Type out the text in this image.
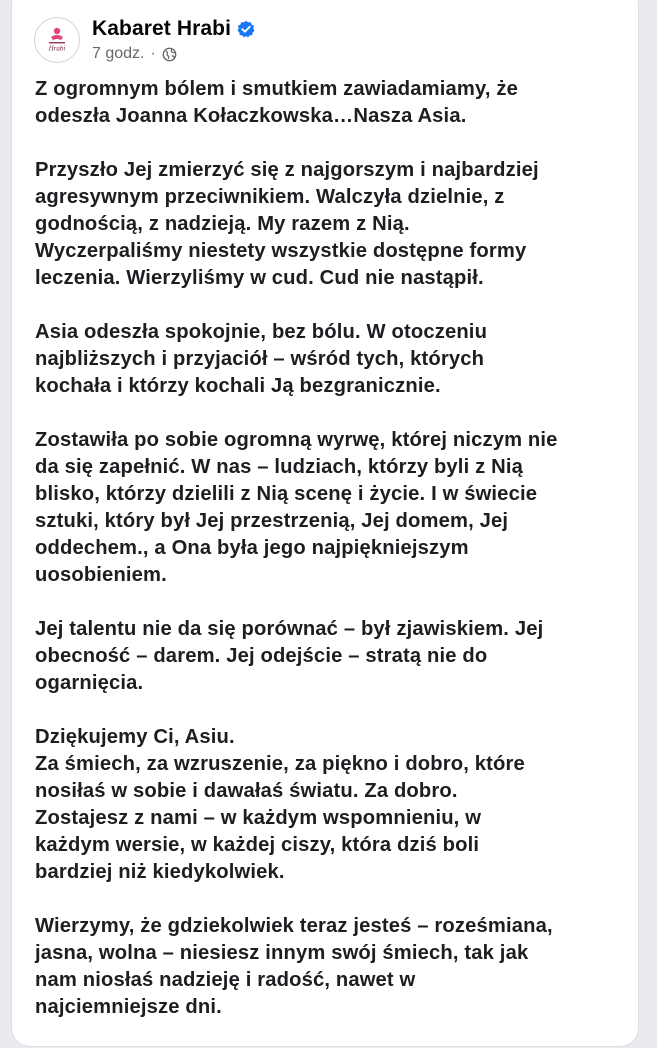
Hrabi
Kabaret Hrabi
7 godz. ·

Z ogromnym bólem i smutkiem zawiadamiamy, że
odeszła Joanna Kołaczkowska…Nasza Asia.

Przyszło Jej zmierzyć się z najgorszym i najbardziej
agresywnym przeciwnikiem. Walczyła dzielnie, z
godnością, z nadzieją. My razem z Nią.
Wyczerpaliśmy niestety wszystkie dostępne formy
leczenia. Wierzyliśmy w cud. Cud nie nastąpił.

Asia odeszła spokojnie, bez bólu. W otoczeniu
najbliższych i przyjaciół – wśród tych, których
kochała i którzy kochali Ją bezgranicznie.

Zostawiła po sobie ogromną wyrwę, której niczym nie
da się zapełnić. W nas – ludziach, którzy byli z Nią
blisko, którzy dzielili z Nią scenę i życie. I w świecie
sztuki, który był Jej przestrzenią, Jej domem, Jej
oddechem., a Ona była jego najpiękniejszym
uosobieniem.

Jej talentu nie da się porównać – był zjawiskiem. Jej
obecność – darem. Jej odejście – stratą nie do
ogarnięcia.

Dziękujemy Ci, Asiu.
Za śmiech, za wzruszenie, za piękno i dobro, które
nosiłaś w sobie i dawałaś światu. Za dobro.
Zostajesz z nami – w każdym wspomnieniu, w
każdym wersie, w każdej ciszy, która dziś boli
bardziej niż kiedykolwiek.

Wierzymy, że gdziekolwiek teraz jesteś – roześmiana,
jasna, wolna – niesiesz innym swój śmiech, tak jak
nam niosłaś nadzieję i radość, nawet w
najciemniejsze dni.
